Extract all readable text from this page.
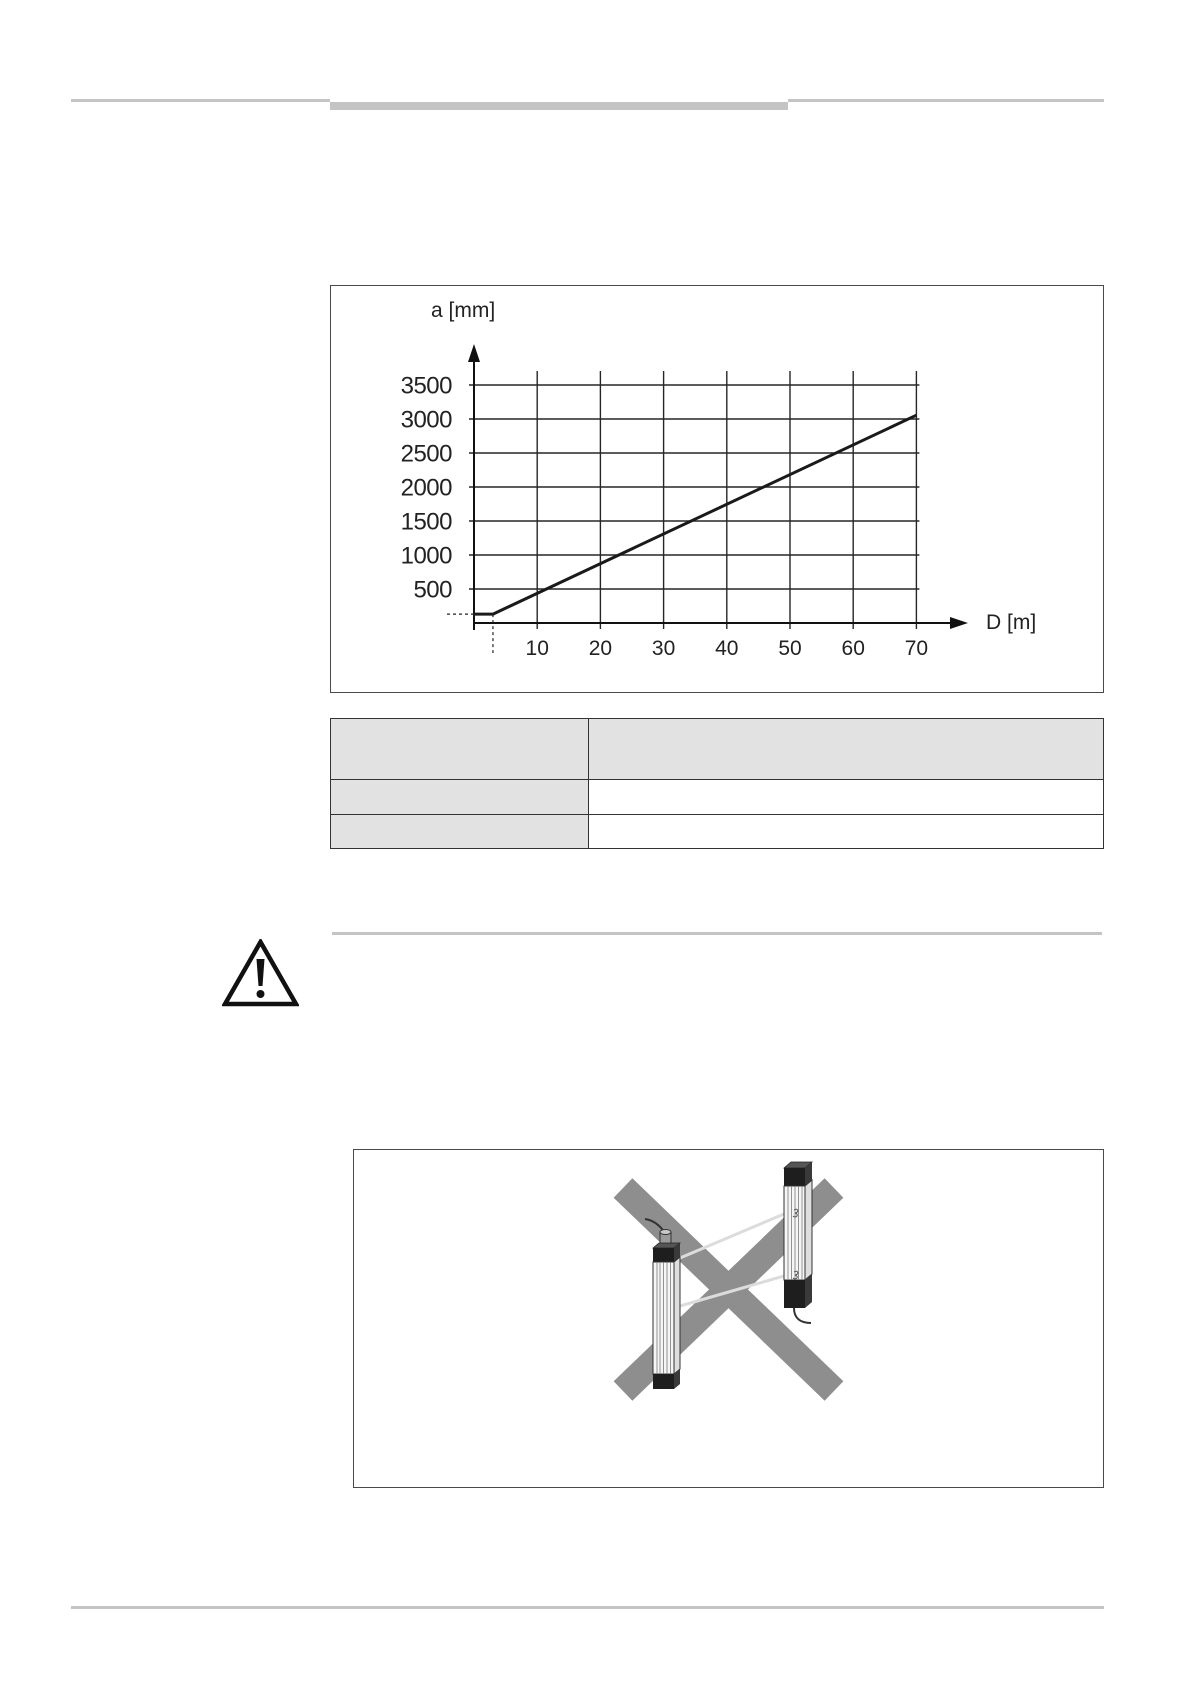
a [mm]
D [m]
500
1000
1500
2000
2500
3000
3500
10 20 30 40 50 60 70
